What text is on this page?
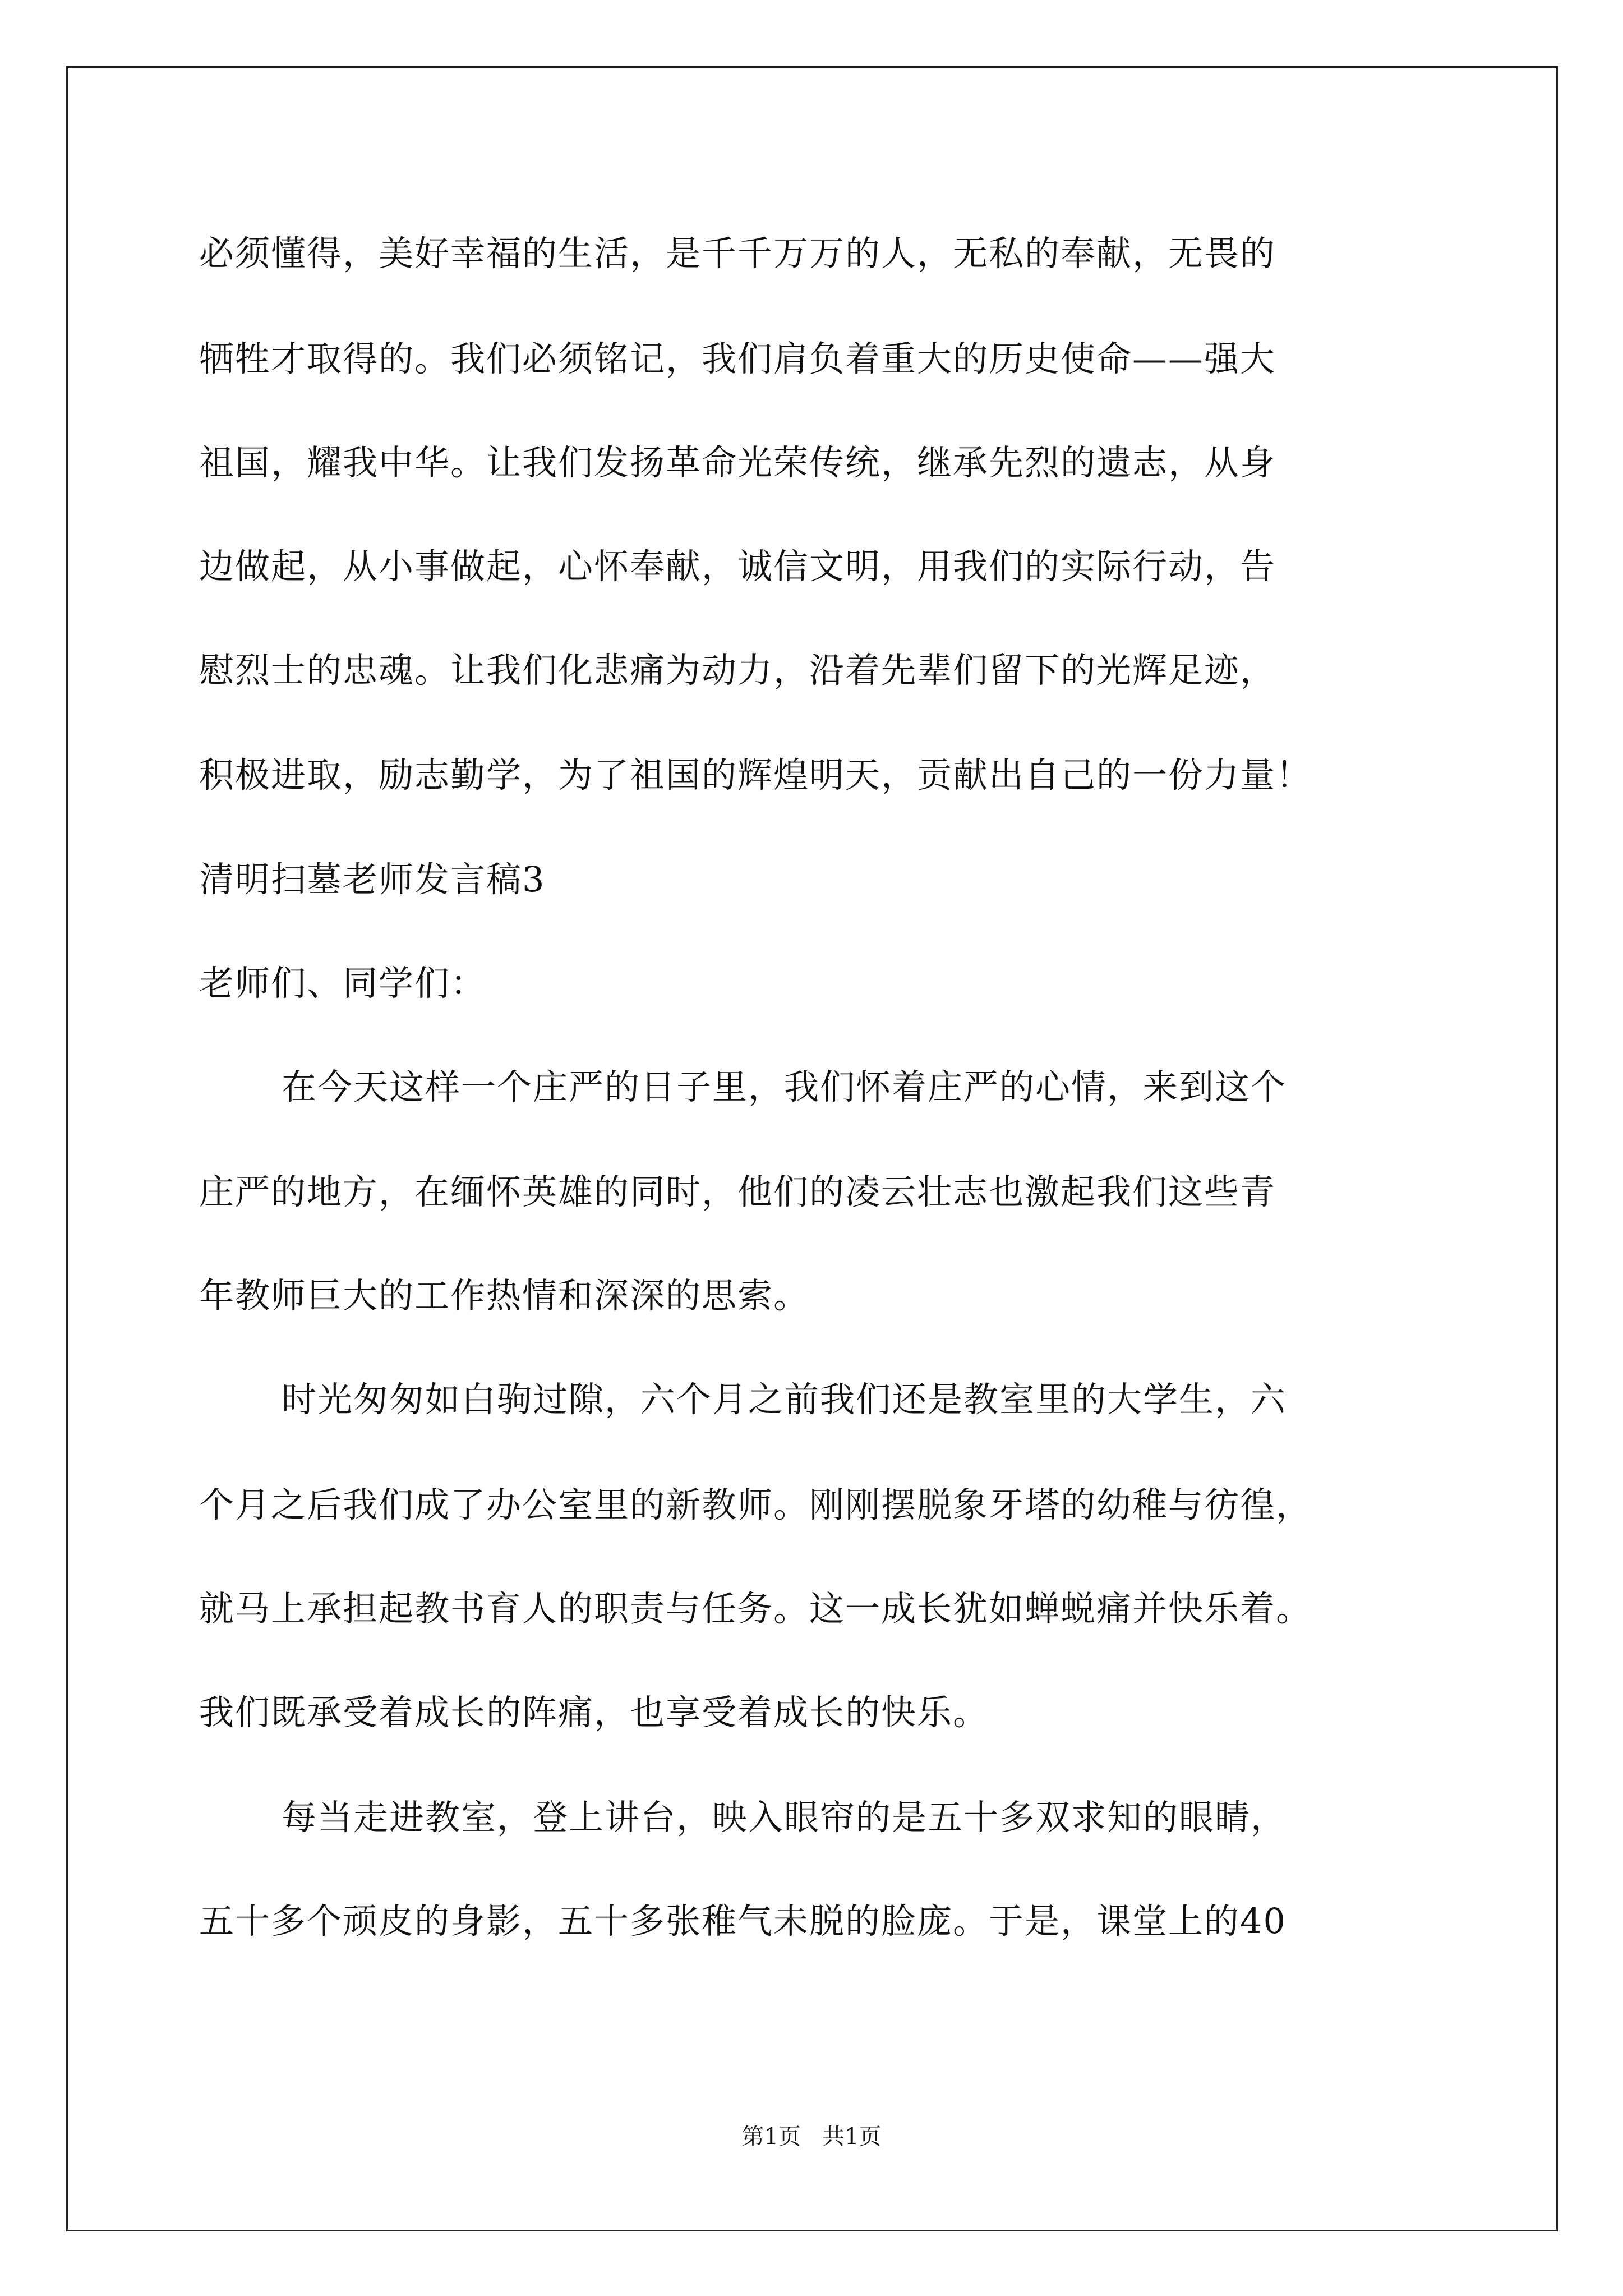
必须懂得，美好幸福的生活，是千千万万的人，无私的奉献，无畏的
牺牲才取得的。我们必须铭记，我们肩负着重大的历史使命——强大
祖国，耀我中华。让我们发扬革命光荣传统，继承先烈的遗志，从身
边做起，从小事做起，心怀奉献，诚信文明，用我们的实际行动，告
慰烈士的忠魂。让我们化悲痛为动力，沿着先辈们留下的光辉足迹，
积极进取，励志勤学，为了祖国的辉煌明天，贡献出自己的一份力量！
清明扫墓老师发言稿3
老师们、同学们：
在今天这样一个庄严的日子里，我们怀着庄严的心情，来到这个
庄严的地方，在缅怀英雄的同时，他们的凌云壮志也激起我们这些青
年教师巨大的工作热情和深深的思索。
时光匆匆如白驹过隙，六个月之前我们还是教室里的大学生，六
个月之后我们成了办公室里的新教师。刚刚摆脱象牙塔的幼稚与彷徨，
就马上承担起教书育人的职责与任务。这一成长犹如蝉蜕痛并快乐着。
我们既承受着成长的阵痛，也享受着成长的快乐。
每当走进教室，登上讲台，映入眼帘的是五十多双求知的眼睛，
五十多个顽皮的身影，五十多张稚气未脱的脸庞。于是，课堂上的40
第1页   共1页
